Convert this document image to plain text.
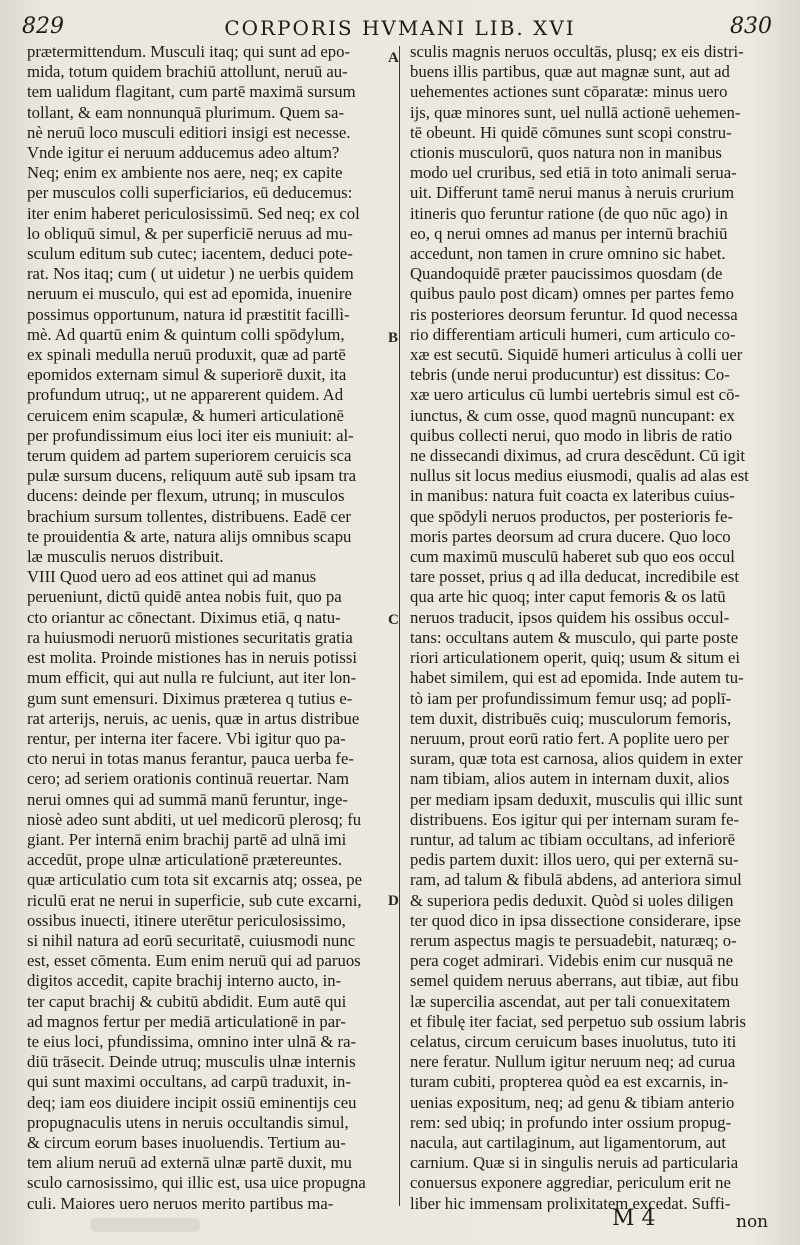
829	CORPORIS HVMANI LIB. XVI	830
A
B
C
D
prætermittendum. Musculi itaq; qui sunt ad epo-
mida, totum quidem brachiū attollunt, neruū au-
tem ualidum flagitant, cum partē maximā sursum
tollant, & eam nonnunquā plurimum. Quem sa-
nè neruū loco musculi editiori insigi est necesse.
Vnde igitur ei neruum adducemus adeo altum?
Neq; enim ex ambiente nos aere, neq; ex capite
per musculos colli superficiarios, eū deducemus:
iter enim haberet periculosissimū. Sed neq; ex col
lo obliquū simul, & per superficiē neruus ad mu-
sculum editum sub cutec; iacentem, deduci pote-
rat. Nos itaq; cum ( ut uidetur ) ne uerbis quidem
neruum ei musculo, qui est ad epomida, inuenire
possimus opportunum, natura id præstitit facillì-
mè. Ad quartū enim & quintum colli spōdylum,
ex spinali medulla neruū produxit, quæ ad partē
epomidos externam simul & superiorē duxit, ita
profundum utruq;, ut ne apparerent quidem. Ad
ceruicem enim scapulæ, & humeri articulationē
per profundissimum eius loci iter eis muniuit: al-
terum quidem ad partem superiorem ceruicis sca
pulæ sursum ducens, reliquum autē sub ipsam tra
ducens: deinde per flexum, utrunq; in musculos
brachium sursum tollentes, distribuens. Eadē cer
te prouidentia & arte, natura alijs omnibus scapu
læ musculis neruos distribuit.
VIII Quod uero ad eos attinet qui ad manus
perueniunt, dictū quidē antea nobis fuit, quo pa
cto oriantur ac cōnectant. Diximus etiā, q natu-
ra huiusmodi neruorū mistiones securitatis gratia
est molita. Proinde mistiones has in neruis potissi
mum efficit, qui aut nulla re fulciunt, aut iter lon-
gum sunt emensuri. Diximus præterea q tutius e-
rat arterijs, neruis, ac uenis, quæ in artus distribue
rentur, per interna iter facere. Vbi igitur quo pa-
cto nerui in totas manus ferantur, pauca uerba fe-
cero; ad seriem orationis continuā reuertar. Nam
nerui omnes qui ad summā manū feruntur, inge-
niosè adeo sunt abditi, ut uel medicorū plerosq; fu
giant. Per internā enim brachij partē ad ulnā imi
accedūt, prope ulnæ articulationē prætereuntes.
quæ articulatio cum tota sit excarnis atq; ossea, pe
riculū erat ne nerui in superficie, sub cute excarni,
ossibus inuecti, itinere uterētur periculosissimo,
si nihil natura ad eorū securitatē, cuiusmodi nunc
est, esset cōmenta. Eum enim neruū qui ad paruos
digitos accedit, capite brachij interno aucto, in-
ter caput brachij & cubitū abdidit. Eum autē qui
ad magnos fertur per mediā articulationē in par-
te eius loci, pfundissima, omnino inter ulnā & ra-
diū trāsecit. Deinde utruq; musculis ulnæ internis
qui sunt maximi occultans, ad carpū traduxit, in-
deq; iam eos diuidere incipit ossiū eminentijs ceu
propugnaculis utens in neruis occultandis simul,
& circum eorum bases inuoluendis. Tertium au-
tem alium neruū ad externā ulnæ partē duxit, mu
sculo carnosissimo, qui illic est, usa uice propugna
culi. Maiores uero neruos merito partibus ma-
sculis magnis neruos occultās, plusq; ex eis distri-
buens illis partibus, quæ aut magnæ sunt, aut ad
uehementes actiones sunt cōparatæ: minus uero
ijs, quæ minores sunt, uel nullā actionē uehemen-
tē obeunt. Hi quidē cōmunes sunt scopi constru-
ctionis musculorū, quos natura non in manibus
modo uel cruribus, sed etiā in toto animali serua-
uit. Differunt tamē nerui manus à neruis crurium
itineris quo feruntur ratione (de quo nūc ago) in
eo, q nerui omnes ad manus per internū brachiū
accedunt, non tamen in crure omnino sic habet.
Quandoquidē præter paucissimos quosdam (de
quibus paulo post dicam) omnes per partes femo
ris posteriores deorsum feruntur. Id quod necessa
rio differentiam articuli humeri, cum articulo co-
xæ est secutū. Siquidē humeri articulus à colli uer
tebris (unde nerui producuntur) est dissitus: Co-
xæ uero articulus cū lumbi uertebris simul est cō-
iunctus, & cum osse, quod magnū nuncupant: ex
quibus collecti nerui, quo modo in libris de ratio
ne dissecandi diximus, ad crura descēdunt. Cū igit
nullus sit locus medius eiusmodi, qualis ad alas est
in manibus: natura fuit coacta ex lateribus cuius-
que spōdyli neruos productos, per posterioris fe-
moris partes deorsum ad crura ducere. Quo loco
cum maximū musculū haberet sub quo eos occul
tare posset, prius q ad illa deducat, incredibile est
qua arte hic quoq; inter caput femoris & os latū
neruos traducit, ipsos quidem his ossibus occul-
tans: occultans autem & musculo, qui parte poste
riori articulationem operit, quiq; usum & situm ei
habet similem, qui est ad epomida. Inde autem tu-
tò iam per profundissimum femur usq; ad poplī-
tem duxit, distribuēs cuiq; musculorum femoris,
neruum, prout eorū ratio fert. A poplite uero per
suram, quæ tota est carnosa, alios quidem in exter
nam tibiam, alios autem in internam duxit, alios
per mediam ipsam deduxit, musculis qui illic sunt
distribuens. Eos igitur qui per internam suram fe-
runtur, ad talum ac tibiam occultans, ad inferiorē
pedis partem duxit: illos uero, qui per externā su-
ram, ad talum & fibulā abdens, ad anteriora simul
& superiora pedis deduxit. Quòd si uoles diligen
ter quod dico in ipsa dissectione considerare, ipse
rerum aspectus magis te persuadebit, naturæq; o-
pera coget admirari. Videbis enim cur nusquā ne
semel quidem neruus aberrans, aut tibiæ, aut fibu
læ supercilia ascendat, aut per tali conuexitatem
et fibulę iter faciat, sed perpetuo sub ossium labris
celatus, circum ceruicum bases inuolutus, tuto iti
nere feratur. Nullum igitur neruum neq; ad curua
turam cubiti, propterea quòd ea est excarnis, in-
uenias expositum, neq; ad genu & tibiam anterio
rem: sed ubiq; in profundo inter ossium propug-
nacula, aut cartilaginum, aut ligamentorum, aut
carnium. Quæ si in singulis neruis ad particularia
conuersus exponere aggrediar, periculum erit ne
liber hic immensam prolixitatem excedat. Suffi-
M 4	non
